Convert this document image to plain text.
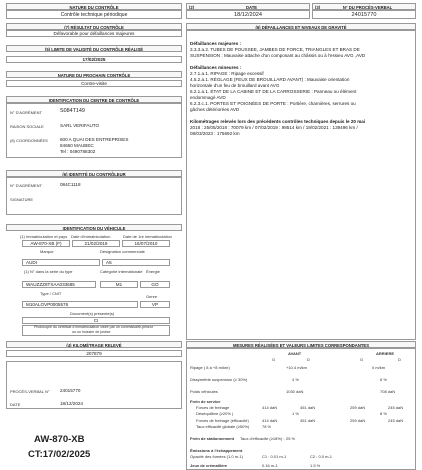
NATURE DU CONTRÔLE
Contrôle technique périodique
(2)	DATE
18/12/2024
(3)	N° DU PROCÈS-VERBAL
24015770
(7) RÉSULTAT DU CONTRÔLE
Défavorable pour défaillances majeures
(5) LIMITE DE VALIDITÉ DU CONTRÔLE RÉALISÉ
17/02/2025
NATURE DU PROCHAIN CONTRÔLE
Contre-visite
IDENTIFICATION DU CENTRE DE CONTRÔLE
N° D'AGRÉMENT	S084T149
RAISON SOCIALE	SARL VERIFAUTO
(8) COORDONNÉES	600 A QUAI DES ENTREPRISES
84660 MAUBEC
Tel : 0490788302
(6) IDENTITÉ DU CONTRÔLEUR
N° D'AGRÉMENT	084C1118
SIGNATURE
IDENTIFICATION DU VÉHICULE
(1) Immatriculation et pays Date d'immatriculation	Date de 1re immatriculation
AW-870-XB (F)	21/02/2019	15/07/2010
Marque	Désignation commerciale
AUDI	A5
(1) N° dans la série du type	Catégorie internationale Énergie
WAUZZZ8TXAA033685	M1	GO
Type / CNIT
Genre
M10ALOVP0005576	VP
Document(s) présenté(s)
CI
Photocopie du certificat d'immatriculation visée par un commissaire-priseur
ou un huissier de justice
(4) KILOMÉTRAGE RELEVÉ
207879
PROCÈS-VERBAL N° 24015770
DATE	18/12/2024
AW-870-XB
CT:17/02/2025
(6) DÉFAILLANCES ET NIVEAUX DE GRAVITÉ
Défaillances majeures :
3.3.3.a.2. TUBES DE POUSSEE, JAMBES DE FORCE, TRIANGLES ET BRAS DE
SUSPENSION : Mauvaise attache d'un composant au châssis ou à l'essieu AVG ,AVD
Défaillances mineures :
2.7.1.a.1. RIPAGE : Ripage excessif
4.5.2.a.1. RÉGLAGE (FEUX DE BROUILLARD AVANT) : Mauvaise orientation
horizontale d'un feu de brouillard avant AVG
6.2.1.a.1. ÉTAT DE LA CABINE ET DE LA CARROSSERIE : Panneau ou élément
endommagé AVD
6.2.3.c.1. PORTES ET POIGNÉES DE PORTE : Portière, charnières, serrures ou
gâches détériorées AVD
Kilométrages relevés lors des précédents contrôles techniques depuis le 20 mai
2018 : 25/05/2018 : 70079 km / 07/02/2019 : 98514 km / 19/02/2021 : 139496 km /
08/03/2023 : 175692 km
MESURES RÉALISÉES ET VALEURS LIMITES CORRESPONDANTES
AVANT	ARRIERE
G	D	G	D
Ripage ( 8 à +8 m/km)	+10.4 m/km	0 m/km
Dissymétrie suspension (≥ 30%)	4 %	6 %
Poids véhicules	1030 daN	708 daN
Frein de service
Forces de freinage	414 daN	451 daN	259 daN	245 daN
Déséquilibre (≥20% )	1 %	8 %
Forces de freinage (efficacité)	414 daN	451 daN	259 daN	245 daN
Taux efficacité globale (≥50%)	78 %
Frein de stationnement Taux d'efficacité (≥18%) : 25 %
Émissions à l'échappement
Opacité des fumées (1.0 m-1)	C1 : 0.01 m-1	C2 : 0.0 m-1
Jeux de crémaillère	0.16 m-1	1.5 %
